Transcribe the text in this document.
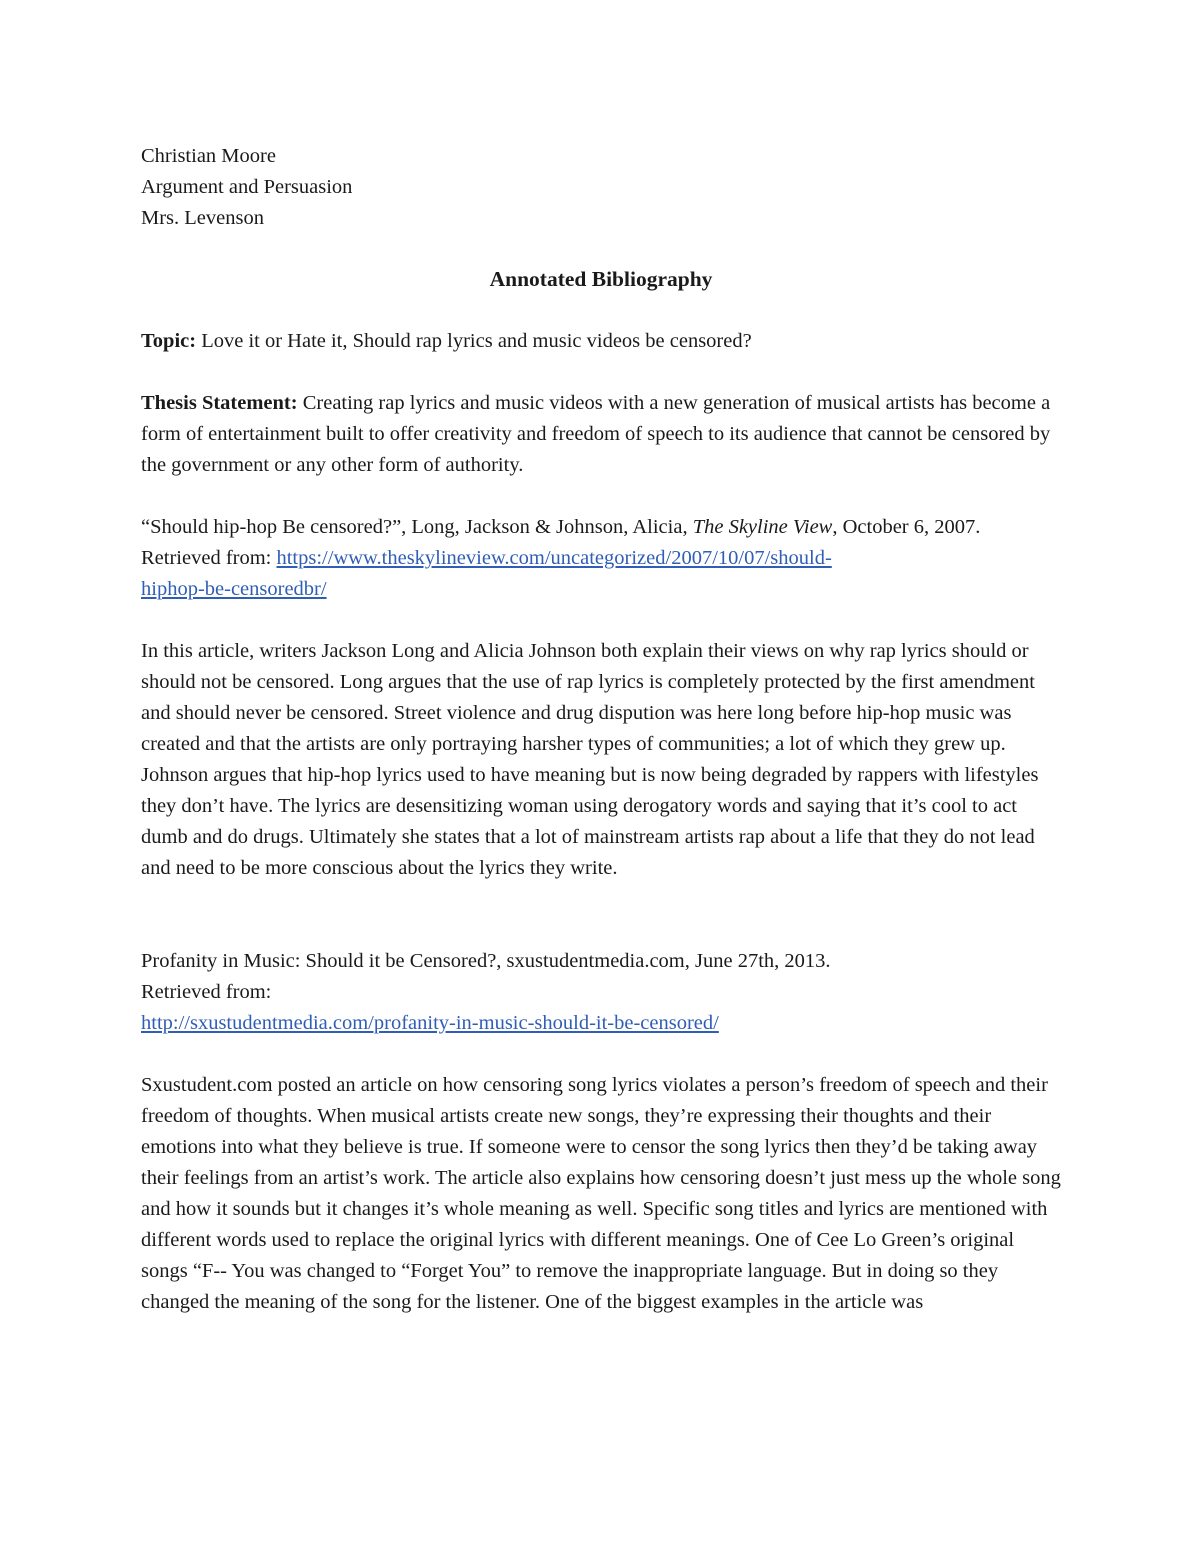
Christian Moore
Argument and Persuasion
Mrs. Levenson
Annotated Bibliography

Topic: Love it or Hate it, Should rap lyrics and music videos be censored?

Thesis Statement: Creating rap lyrics and music videos with a new generation of musical artists has become a form of entertainment built to offer creativity and freedom of speech to its audience that cannot be censored by the government or any other form of authority.

“Should hip-hop Be censored?”, Long, Jackson & Johnson, Alicia, The Skyline View, October 6, 2007. Retrieved from: https://www.theskylineview.com/uncategorized/2007/10/07/should-
hiphop-be-censoredbr/

In this article, writers Jackson Long and Alicia Johnson both explain their views on why rap lyrics should or should not be censored. Long argues that the use of rap lyrics is completely protected by the first amendment and should never be censored. Street violence and drug dispution was here long before hip-hop music was created and that the artists are only portraying harsher types of communities; a lot of which they grew up. Johnson argues that hip-hop lyrics used to have meaning but is now being degraded by rappers with lifestyles they don’t have. The lyrics are desensitizing woman using derogatory words and saying that it’s cool to act dumb and do drugs. Ultimately she states that a lot of mainstream artists rap about a life that they do not lead and need to be more conscious about the lyrics they write.

Profanity in Music: Should it be Censored?, sxustudentmedia.com, June 27th, 2013.

Retrieved from:

http://sxustudentmedia.com/profanity-in-music-should-it-be-censored/

Sxustudent.com posted an article on how censoring song lyrics violates a person’s freedom of speech and their freedom of thoughts. When musical artists create new songs, they’re expressing their thoughts and their emotions into what they believe is true. If someone were to censor the song lyrics then they’d be taking away their feelings from an artist’s work. The article also explains how censoring doesn’t just mess up the whole song and how it sounds but it changes it’s whole meaning as well. Specific song titles and lyrics are mentioned with different words used to replace the original lyrics with different meanings. One of Cee Lo Green’s original songs “F-- You was changed to “Forget You” to remove the inappropriate language. But in doing so they changed the meaning of the song for the listener. One of the biggest examples in the article was
